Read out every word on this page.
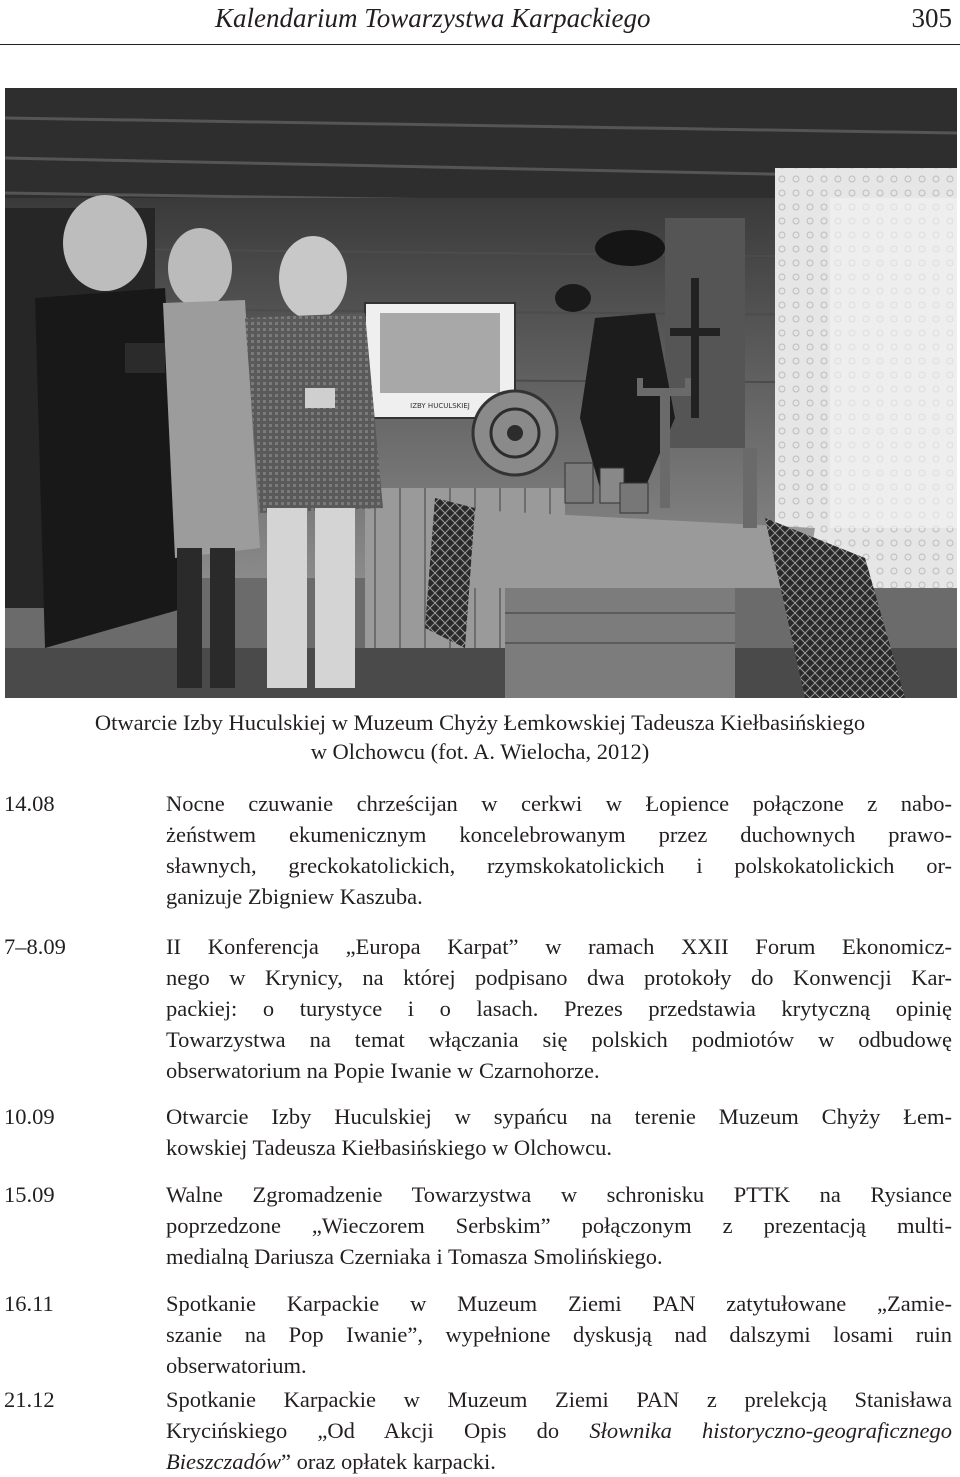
Kalendarium Towarzystwa Karpackiego	305
IZBY HUCULSKIEJ
Otwarcie Izby Huculskiej w Muzeum Chyży Łemkowskiej Tadeusza Kiełbasińskiego
w Olchowcu (fot. A. Wielocha, 2012)
14.08	Nocne czuwanie chrześcijan w cerkwi w Łopience połączone z nabo-
żeństwem ekumenicznym koncelebrowanym przez duchownych prawo-
sławnych, greckokatolickich, rzymskokatolickich i polskokatolickich or-
ganizuje Zbigniew Kaszuba.
7–8.09	II Konferencja „Europa Karpat” w ramach XXII Forum Ekonomicz-
nego w Krynicy, na której podpisano dwa protokoły do Konwencji Kar-
packiej: o turystyce i o lasach. Prezes przedstawia krytyczną opinię
Towarzystwa na temat włączania się polskich podmiotów w odbudowę
obserwatorium na Popie Iwanie w Czarnohorze.
10.09	Otwarcie Izby Huculskiej w sypańcu na terenie Muzeum Chyży Łem-
kowskiej Tadeusza Kiełbasińskiego w Olchowcu.
15.09	Walne Zgromadzenie Towarzystwa w schronisku PTTK na Rysiance
poprzedzone „Wieczorem Serbskim” połączonym z prezentacją multi-
medialną Dariusza Czerniaka i Tomasza Smolińskiego.
16.11	Spotkanie Karpackie w Muzeum Ziemi PAN zatytułowane „Zamie-
szanie na Pop Iwanie”, wypełnione dyskusją nad dalszymi losami ruin
obserwatorium.
21.12	Spotkanie Karpackie w Muzeum Ziemi PAN z prelekcją Stanisława
Krycińskiego „Od Akcji Opis do Słownika historyczno-geograficznego
Bieszczadów” oraz opłatek karpacki.
